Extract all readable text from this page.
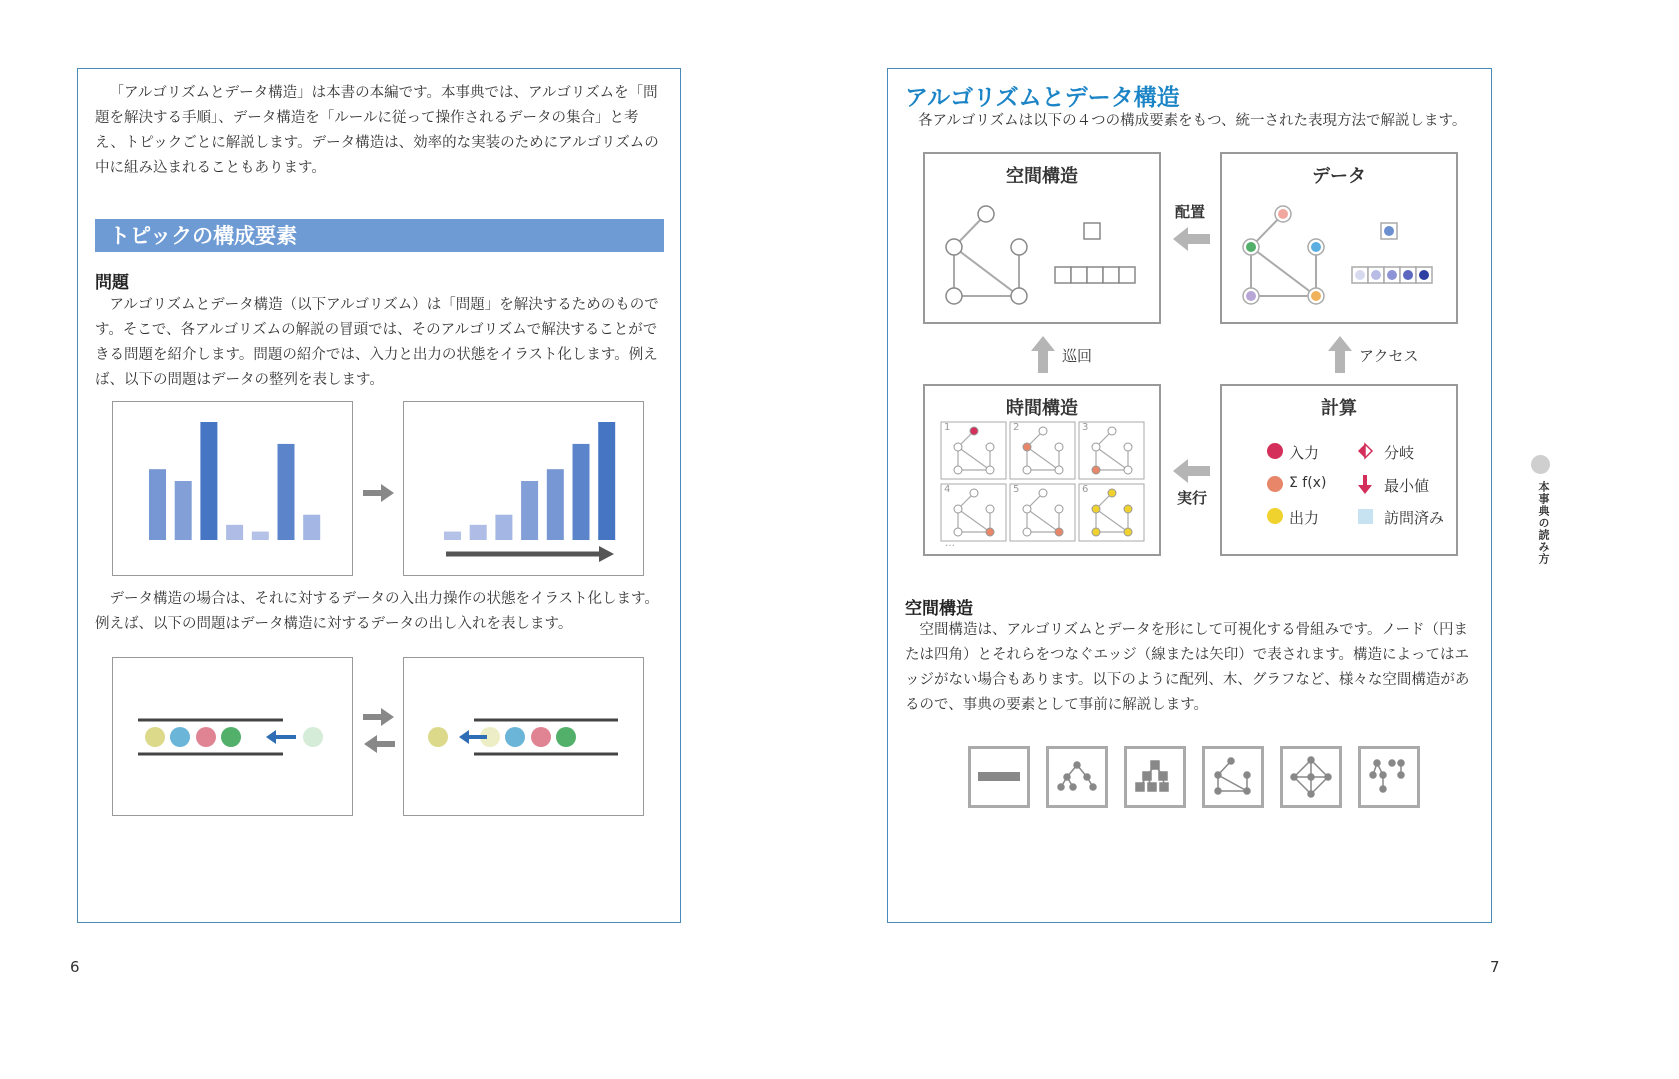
「アルゴリズムとデータ構造」は本書の本編です。本事典では、アルゴリズムを「問題を解決する手順」、データ構造を「ルールに従って操作されるデータの集合」と考え、トピックごとに解説します。データ構造は、効率的な実装のためにアルゴリズムの中に組み込まれることもあります。

トピックの構成要素
問題

アルゴリズムとデータ構造（以下アルゴリズム）は「問題」を解決するためのものです。そこで、各アルゴリズムの解説の冒頭では、そのアルゴリズムで解決することができる問題を紹介します。問題の紹介では、入力と出力の状態をイラスト化します。例えば、以下の問題はデータの整列を表します。

データ構造の場合は、それに対するデータの入出力操作の状態をイラスト化します。例えば、以下の問題はデータ構造に対するデータの出し入れを表します。

6
アルゴリズムとデータ構造
各アルゴリズムは以下の４つの構成要素をもつ、統一された表現方法で解説します。
空間構造	データ
配置
巡回	アクセス
実行
時間構造
1	2	3
4	5	6
…
計算
入力
Σ f(x)
出力
分岐
最小値
訪問済み
空間構造

空間構造は、アルゴリズムとデータを形にして可視化する骨組みです。ノード（円または四角）とそれらをつなぐエッジ（線または矢印）で表されます。構造によってはエッジがない場合もあります。以下のように配列、木、グラフなど、様々な空間構造があるので、事典の要素として事前に解説します。

本事典の読み方
7
